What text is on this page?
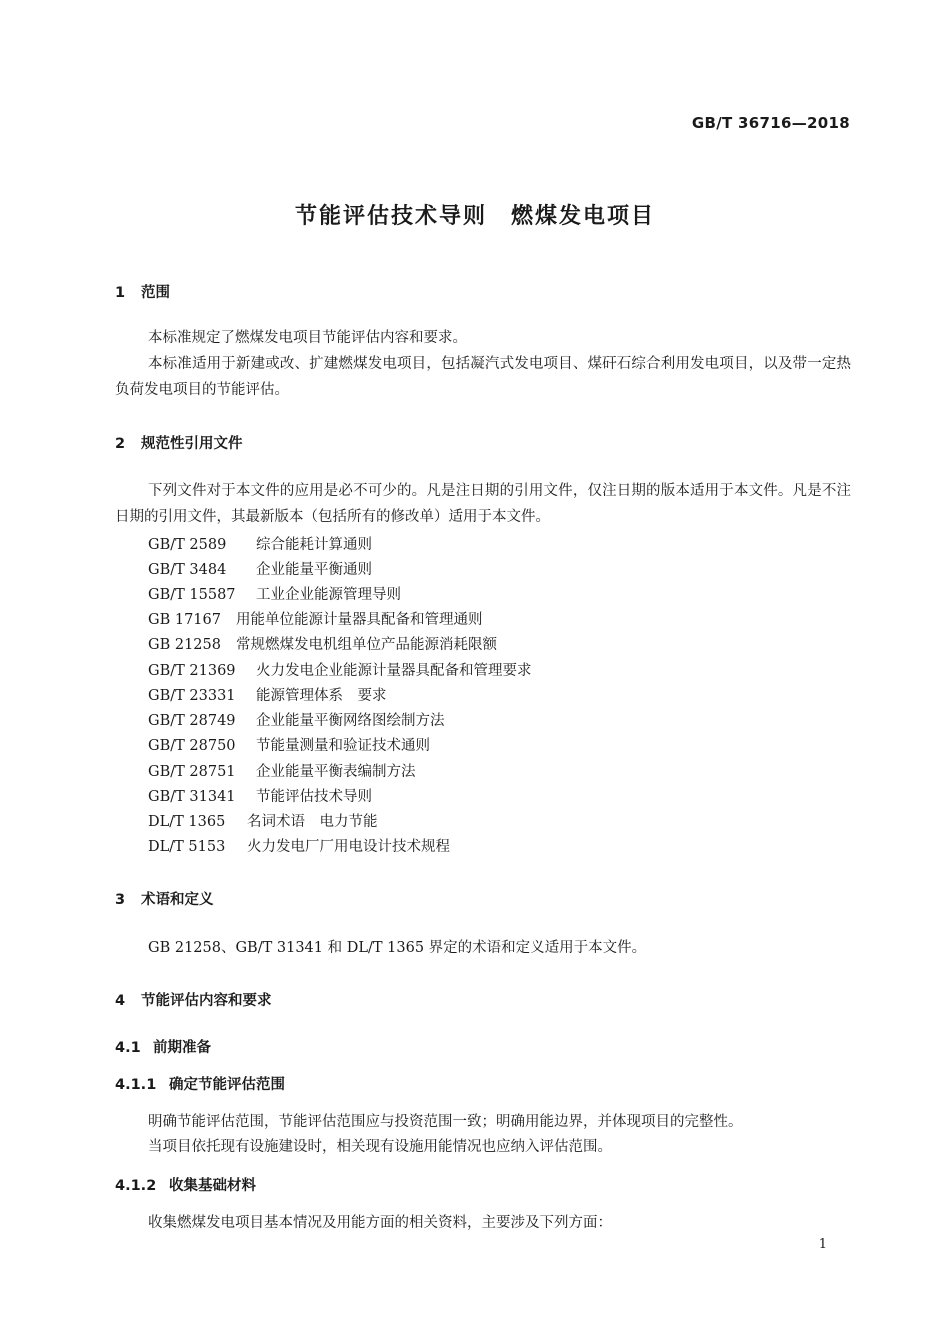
GB/T 36716—2018
节能评估技术导则　燃煤发电项目
1 范围
本标准规定了燃煤发电项目节能评估内容和要求。
本标准适用于新建或改、扩建燃煤发电项目，包括凝汽式发电项目、煤矸石综合利用发电项目，以及带一定热负荷发电项目的节能评估。
2 规范性引用文件
下列文件对于本文件的应用是必不可少的。凡是注日期的引用文件，仅注日期的版本适用于本文件。凡是不注日期的引用文件，其最新版本（包括所有的修改单）适用于本文件。
GB/T 2589 综合能耗计算通则
GB/T 3484 企业能量平衡通则
GB/T 15587 工业企业能源管理导则
GB 17167 用能单位能源计量器具配备和管理通则
GB 21258 常规燃煤发电机组单位产品能源消耗限额
GB/T 21369 火力发电企业能源计量器具配备和管理要求
GB/T 23331 能源管理体系　要求
GB/T 28749 企业能量平衡网络图绘制方法
GB/T 28750 节能量测量和验证技术通则
GB/T 28751 企业能量平衡表编制方法
GB/T 31341 节能评估技术导则
DL/T 1365 名词术语　电力节能
DL/T 5153 火力发电厂厂用电设计技术规程
3 术语和定义
GB 21258、GB/T 31341 和 DL/T 1365 界定的术语和定义适用于本文件。
4 节能评估内容和要求
4.1 前期准备
4.1.1 确定节能评估范围
明确节能评估范围，节能评估范围应与投资范围一致；明确用能边界，并体现项目的完整性。
当项目依托现有设施建设时，相关现有设施用能情况也应纳入评估范围。
4.1.2 收集基础材料
收集燃煤发电项目基本情况及用能方面的相关资料，主要涉及下列方面：
1
